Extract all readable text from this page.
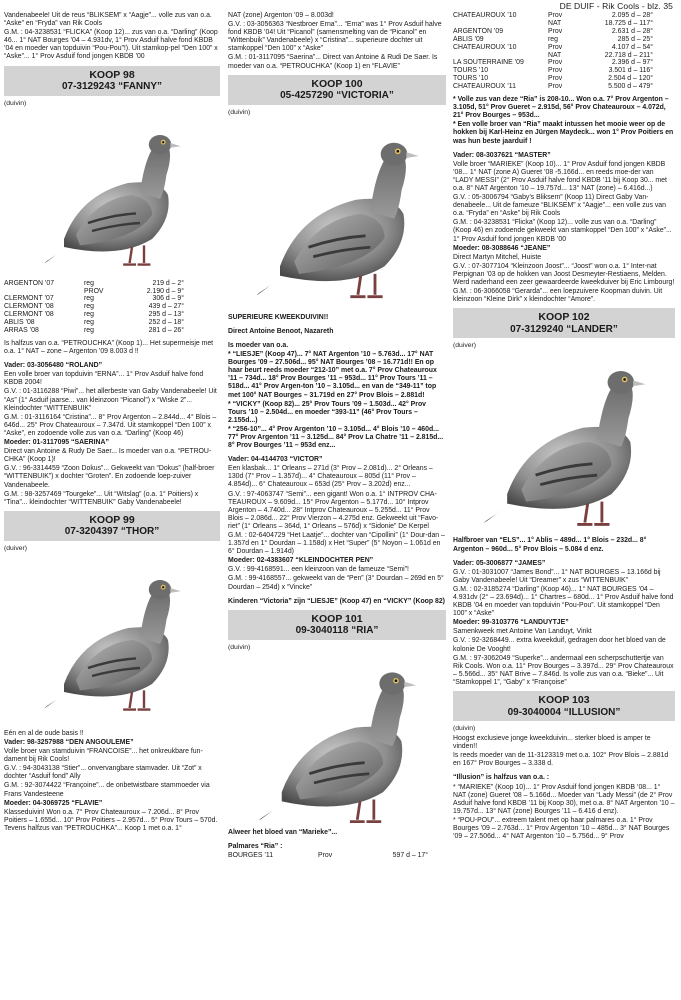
DE DUIF - Rik Cools - blz. 35

Vandenabeele! Uit de reus “BLIKSEM” x “Aagje”... volle zus van o.a. “Aske” en “Fryda” van Rik Cools

G.M. : 04-3238531 “FLICKA” (Koop 12)... zus van o.a. “Darling” (Koop 46... 1° NAT Bourges ’04 – 4.931dv, 1° Prov Asduif halve fond KBDB ’04 en moeder van topduivin “Pou-Pou”!). Uit stamkop-pel “Den 100” x “Aske”... 1° Prov Asduif fond jongen KBDB ’00

KOOP 98
07-3129243 “FANNY”
(duivin)
ARGENTON ’07	reg	219 d – 2°
	PROV	2.190 d – 9°
CLERMONT ’07	reg	306 d – 9°
CLERMONT ’08	reg	439 d – 27°
CLERMONT ’08	reg	295 d – 13°
ABLIS ’08	reg	252 d – 18°
ARRAS ’08	reg	281 d – 26°

Is halfzus van o.a. “PETROUCHKA” (Koop 1)... Het supermeisje met o.a. 1° NAT – zone – Argenton ’09 8.003 d !!

Vader: 03-3056480 “ROLAND”

Een volle broer van topduivin “ERNA”... 1° Prov Asduif halve fond KBDB 2004!

G.V. : 01-3116288 “Piwi”... het allerbeste van Gaby Vandenabeele! Uit “As” (1° Asduif jaarse... van kleinzoon “Picanol”) x “Wiske 2”... Kleindochter “WITTENBUIK”

G.M. : 01-3116164 “Cristina”... 8° Prov Argenton – 2.844d... 4° Blois – 646d... 25° Prov Chateauroux – 7.347d. Uit stamkoppel “Den 100” x “Aske”, en zodoende volle zus van o.a. “Darling” (Koop 46)

Moeder: 01-3117095 “SAERINA”

Direct van Antoine & Rudy De Saer... Is moeder van o.a. “PETROU-CHKA” (Koop 1)!

G.V. : 96-3314459 “Zoon Dokus”... Gekweekt van “Dokus” (half-broer “WITTENBUIK”) x dochter “Groten”. En zodoende loep-zuiver Vandenabeele.

G.M. : 98-3257469 “Tourgeke”... Uit “Witslag” (o.a. 1° Poitiers) x “Tina”... kleindochter “WITTENBUIK” Gaby Vandenabeele!

KOOP 99
07-3204397 “THOR”
(duiver)

Eén en al de oude basis !!

Vader: 98-3257988 “DEN ANGOULEME”

Volle broer van stamduivin “FRANCOISE”... het onkreukbare fun-dament bij Rik Cools!

G.V. : 94-3043138 “Stier”... onvervangbare stamvader. Uit “Zot” x dochter “Asduif fond” Ally

G.M. : 92-3074422 “Françoine”... de onbetwistbare stammoeder via Frans Vandesteene

Moeder: 04-3069725 “FLAVIE”

Klasseduivin! Won o.a. 7° Prov Chateauroux – 7.206d... 8° Prov Poitiers – 1.655d... 10° Prov Poitiers – 2.957d... 5° Prov Tours – 570d. Tevens halfzus van “PETROUCHKA”... Koop 1 met o.a. 1°

NAT (zone) Argenton ’09 – 8.003d!

G.V. : 03-3056363 “Nestbroer Erna”... “Erna” was 1° Prov Asduif halve fond KBDB ’04! Uit “Picanol” (samensmelting van de “Picanol” en “Wittenbuik” Vandenabeele) x “Cristina”... superieure dochter uit stamkoppel “Den 100” x “Aske”

G.M. : 01-3117095 “Saerina”... Direct van Antoine & Rudi De Saer. Is moeder van o.a. “PETROUCHKA” (Koop 1) en “FLAVIE”

KOOP 100
05-4257290 “VICTORIA”
(duivin)

SUPERIEURE KWEEKDUIVIN!!

Direct Antoine Benoot, Nazareth

Is moeder van o.a.

* “LIESJE” (Koop 47)... 7° NAT Argenton ’10 – 5.763d... 17° NAT Bourges ’09 – 27.506d... 95° NAT Bourges ’08 – 16.771d!! En op haar beurt reeds moeder “212-10” met o.a. 7° Prov Chateauroux ’11 – 734d... 18° Prov Bourges ’11 – 953d... 11° Prov Tours ’11 – 518d... 41° Prov Argen-ton ’10 – 3.105d... en van de “349-11” top met 100° NAT Bourges – 31.719d en 27° Prov Blois – 2.881d!

* “VICKY” (Koop 82)... 25° Prov Tours ’09 – 1.503d... 42° Prov Tours ’10 – 2.504d... en moeder “393-11” (46° Prov Tours – 2.155d...)

* “256-10”... 4° Prov Argenton ’10 – 3.105d... 4° Blois ’10 – 460d... 77° Prov Argenton ’11 – 3.125d... 84° Prov La Chatre ’11 – 2.815d... 8° Prov Bourges ’11 – 953d enz...

Vader: 04-4144703 “VICTOR”

Een klasbak... 1° Orleans – 271d (3° Prov – 2.081d)... 2° Orleans – 130d (7° Prov – 1.357d)... 4° Chateauroux – 805d (11° Prov – 4.854d)... 6° Chateauroux – 653d (25° Prov – 3.202d) enz...

G.V. : 97-4063747 “Semi”... een gigant! Won o.a. 1° INTPROV CHA-TEAUROUX – 9.609d... 15° Prov Argenton – 5.177d... 10° Intprov Argenton – 4.740d... 28° Intprov Chateauroux – 5.255d... 11° Prov Blois – 2.086d... 22° Prov Vierzon – 4.275d enz. Gekweekt uit “Favo-riet” (1° Orleans – 364d, 1° Orleans – 576d) x “Sidonie” De Kerpel

G.M. : 02-6404729 “Het Laatje”... dochter van “Cipollini” (1° Dour-dan – 1.357d en 1° Dourdan – 1.158d) x Het “Super” (5° Noyon – 1.061d en 6° Dourdan – 1.914d)

Moeder: 02-4383607 “KLEINDOCHTER PEN”

G.V. : 99-4168591... een kleinzoon van de fameuze “Semi”!

G.M. : 99-4168557... gekweekt van de “Pen” (3° Dourdan – 269d en 5° Dourdan – 254d) x “Vincke”

Kinderen “Victoria” zijn “LIESJE” (Koop 47) en “VICKY” (Koop 82)

KOOP 101
09-3040118 “RIA”
(duivin)

Alweer het bloed van “Marieke”...

Palmares “Ria” :

BOURGES ’11	Prov	597 d – 17°
CHATEAUROUX ’10	Prov	2.095 d – 28°
	NAT	18.725 d – 117°
ARGENTON ’09	Prov	2.631 d – 28°
ABLIS ’09	reg	285 d – 25°
CHATEAUROUX ’10	Prov	4.107 d – 54°
	NAT	22.718 d – 211°
LA SOUTERRAINE ’09	Prov	2.396 d – 97°
TOURS ’10	Prov	3.501 d – 116°
TOURS ’10	Prov	2.504 d – 120°
CHATEAUROUX ’11	Prov	5.500 d – 479°

* Volle zus van deze “Ria” is 208-10... Won o.a. 7° Prov Argenton – 3.105d, 51° Prov Gueret – 2.915d, 56° Prov Chateauroux – 4.072d, 21° Prov Bourges – 953d...

* Een volle broer van “Ria” maakt intussen het mooie weer op de hokken bij Karl-Heinz en Jürgen Maydeck... won 1° Prov Poitiers en was hun beste jaarduif !

Vader: 08-3037621 “MASTER”

Volle broer “MARIEKE” (Koop 10)... 1° Prov Asduif fond jongen KBDB ’08... 1° NAT (zone A) Gueret ’08 -5.166d... en reeds moe-der van “LADY MESSI” (2° Prov Asduif halve fond KBDB ’11 bij Koop 30... met o.a. 8° NAT Argenton ’10 – 19.757d... 13° NAT (zone) – 6.416d...)

G.V. : 05-3006794 “Gaby’s Bliksem” (Koop 11) Direct Gaby Van-denabeele... Uit de fameuze “BLIKSEM” x “Aagje”... een volle zus van o.a. “Fryda” en “Aske” bij Rik Cools

G.M. : 04-3238531 “Flicka” (Koop 12)... volle zus van o.a. “Darling” (Koop 46) en zodoende gekweekt van stamkoppel “Den 100” x “Aske”... 1° Prov Asduif fond jongen KBDB ’00

Moeder: 08-3088646 “JEANE”

Direct Martyn Mitchel, Huiste

G.V. : 07-3077104 “Kleinzoon Joost”... “Joost” won o.a. 1° Inter-nat Perpignan ’03 op de hokken van Joost Desmeyter-Restiaens, Melden. Werd naderhand een zeer gewaardeerde kweekduiver bij Eric Limbourg!

G.M. : 06-3066058 “Gerarda”... een loepzuivere Koopman duivin. Uit kleinzoon “Kleine Dirk” x kleindochter “Amore”.

KOOP 102
07-3129240 “LANDER”
(duiver)

Halfbroer van “ELS”... 1° Ablis – 489d... 1° Blois – 232d... 8° Argenton – 960d... 5° Prov Blois – 5.084 d enz.

Vader: 05-3006877 “JAMES”

G.V. : 01-3031007 “James Bond”... 1° NAT BOURGES – 13.166d bij Gaby Vandenabeele! Uit “Dreamer” x zus “WITTENBUIK”

G.M. : 02-3185274 “Darling” (Koop 46)... 1° NAT BOURGES ’04 – 4.931dv (2° – 23.694d)... 1° Chartres – 680d... 1° Prov Asduif halve fond KBDB ’04 en moeder van topduivin “Pou-Pou”. Uit stamkoppel “Den 100” x “Aske”

Moeder: 99-3103776 “LANDUYTJE”

Samenkweek met Antoine Van Landuyt, Vinkt

G.V. : 92-3268449... extra kweekduif, gedragen door het bloed van de kolonie De Vooght!

G.M. : 97-3062049 “Superke”... andermaal een scherpschuttertje van Rik Cools. Won o.a. 11° Prov Bourges – 3.397d... 29° Prov Chateauroux – 5.566d... 35° NAT Brive – 7.846d. Is volle zus van o.a. “Bieke”... Uit “Stamkoppel 1”, “Gaby” x “Françoise”

KOOP 103
09-3040004 “ILLUSION”
(duivin)

Hoogst exclusieve jonge kweekduivin... sterker bloed is amper te vinden!!

Is reeds moeder van de 11-3123319 met o.a. 102° Prov Blois – 2.881d en 167° Prov Bourges – 3.338 d.

“Illusion” is halfzus van o.a. :

* “MARIEKE” (Koop 10)... 1° Prov Asduif fond jongen KBDB ’08... 1° NAT (zone) Gueret ’08 – 5.166d... Moeder van “Lady Messi” (de 2° Prov Asduif halve fond KBDB ’11 bij Koop 30), met o.a. 8° NAT Argenton ’10 – 19.757d... 13° NAT (zone) Bourges ’11 – 6.416 d enz).

* “POU-POU”... extreem talent met op haar palmares o.a. 1° Prov Bourges ’09 – 2.763d... 1° Prov Argenton ’10 – 485d... 3° NAT Bourges ’09 – 27.506d... 4° NAT Argenton ’10 – 5.756d... 9° Prov
